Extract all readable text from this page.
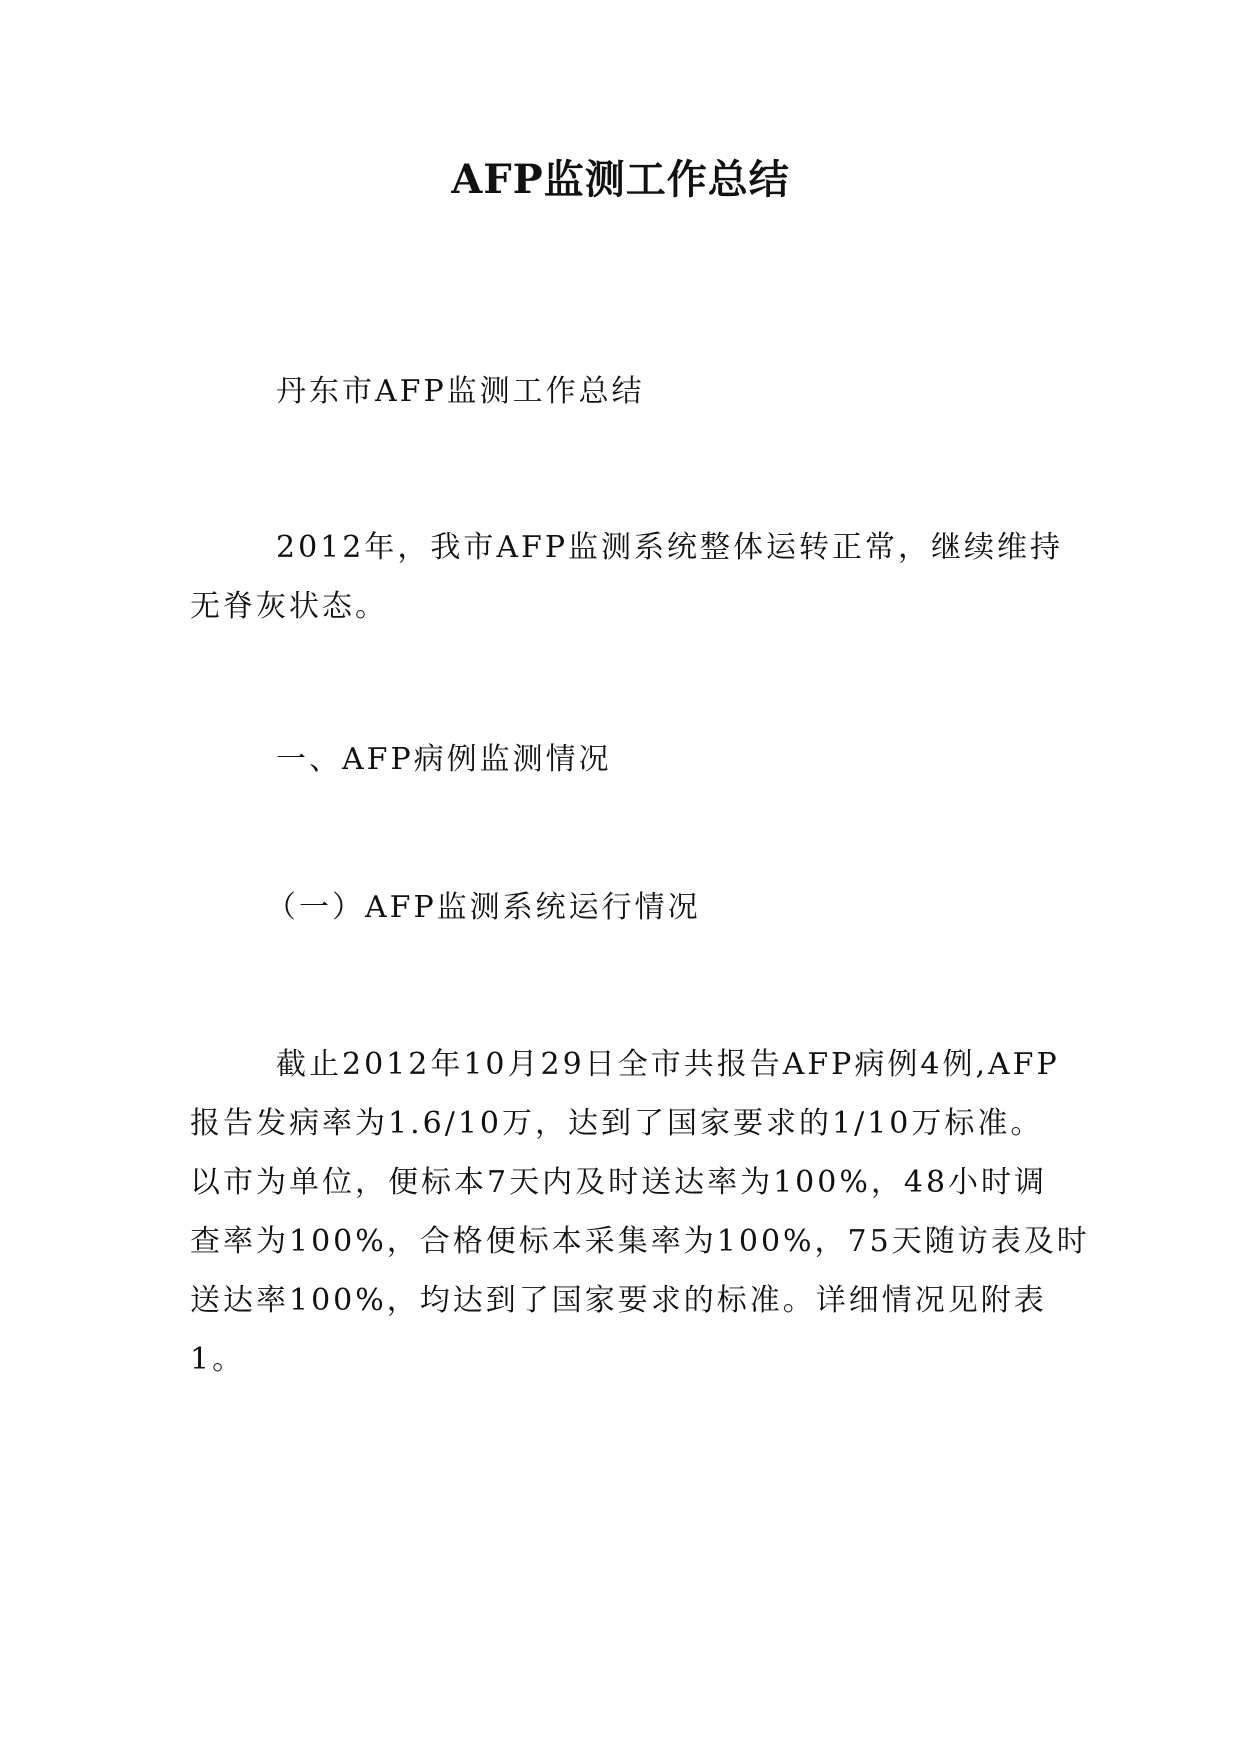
AFP监测工作总结

丹东市AFP监测工作总结

2012年，我市AFP监测系统整体运转正常，继续维持
无脊灰状态。

一、AFP病例监测情况

（一）AFP监测系统运行情况

截止2012年10月29日全市共报告AFP病例4例,AFP
报告发病率为1.6/10万，达到了国家要求的1/10万标准。
以市为单位，便标本7天内及时送达率为100%，48小时调
查率为100%，合格便标本采集率为100%，75天随访表及时
送达率100%，均达到了国家要求的标准。详细情况见附表
1。
